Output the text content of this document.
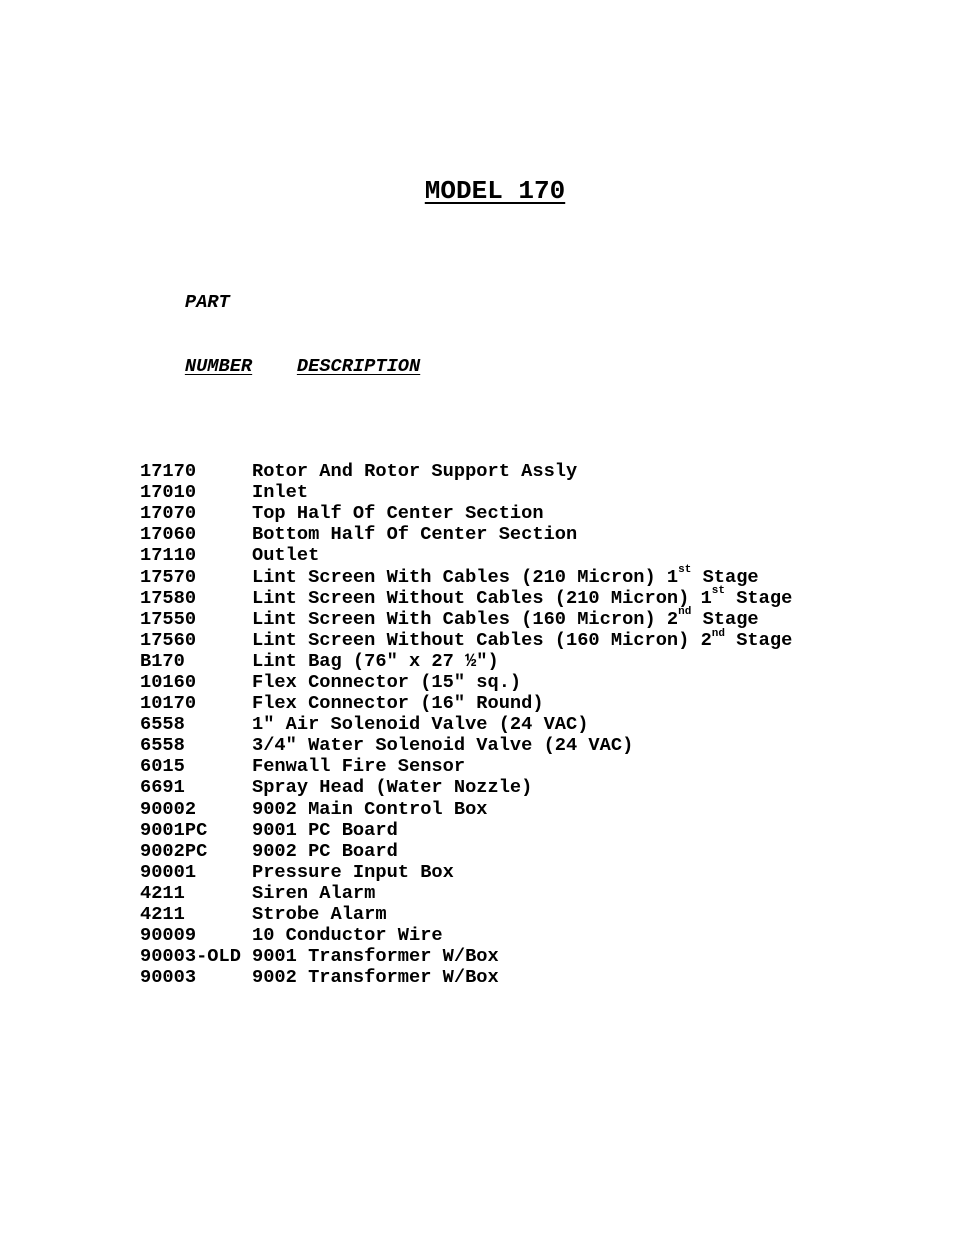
MODEL 170

PART

NUMBER DESCRIPTION

17170	Rotor And Rotor Support Assly
17010	Inlet
17070	Top Half Of Center Section
17060	Bottom Half Of Center Section
17110	Outlet
17570	Lint Screen With Cables (210 Micron) 1st Stage
17580	Lint Screen Without Cables (210 Micron) 1st Stage
17550	Lint Screen With Cables (160 Micron) 2nd Stage
17560	Lint Screen Without Cables (160 Micron) 2nd Stage
B170	Lint Bag (76″ x 27 ½″)
10160	Flex Connector (15″ sq.)
10170	Flex Connector (16″ Round)
6558	1″ Air Solenoid Valve (24 VAC)
6558	3/4" Water Solenoid Valve (24 VAC)
6015	Fenwall Fire Sensor
6691	Spray Head (Water Nozzle)
90002	9002 Main Control Box
9001PC	9001 PC Board
9002PC	9002 PC Board
90001	Pressure Input Box
4211	Siren Alarm
4211	Strobe Alarm
90009	10 Conductor Wire
90003-OLD 9001 Transformer W/Box
90003	9002 Transformer W/Box
